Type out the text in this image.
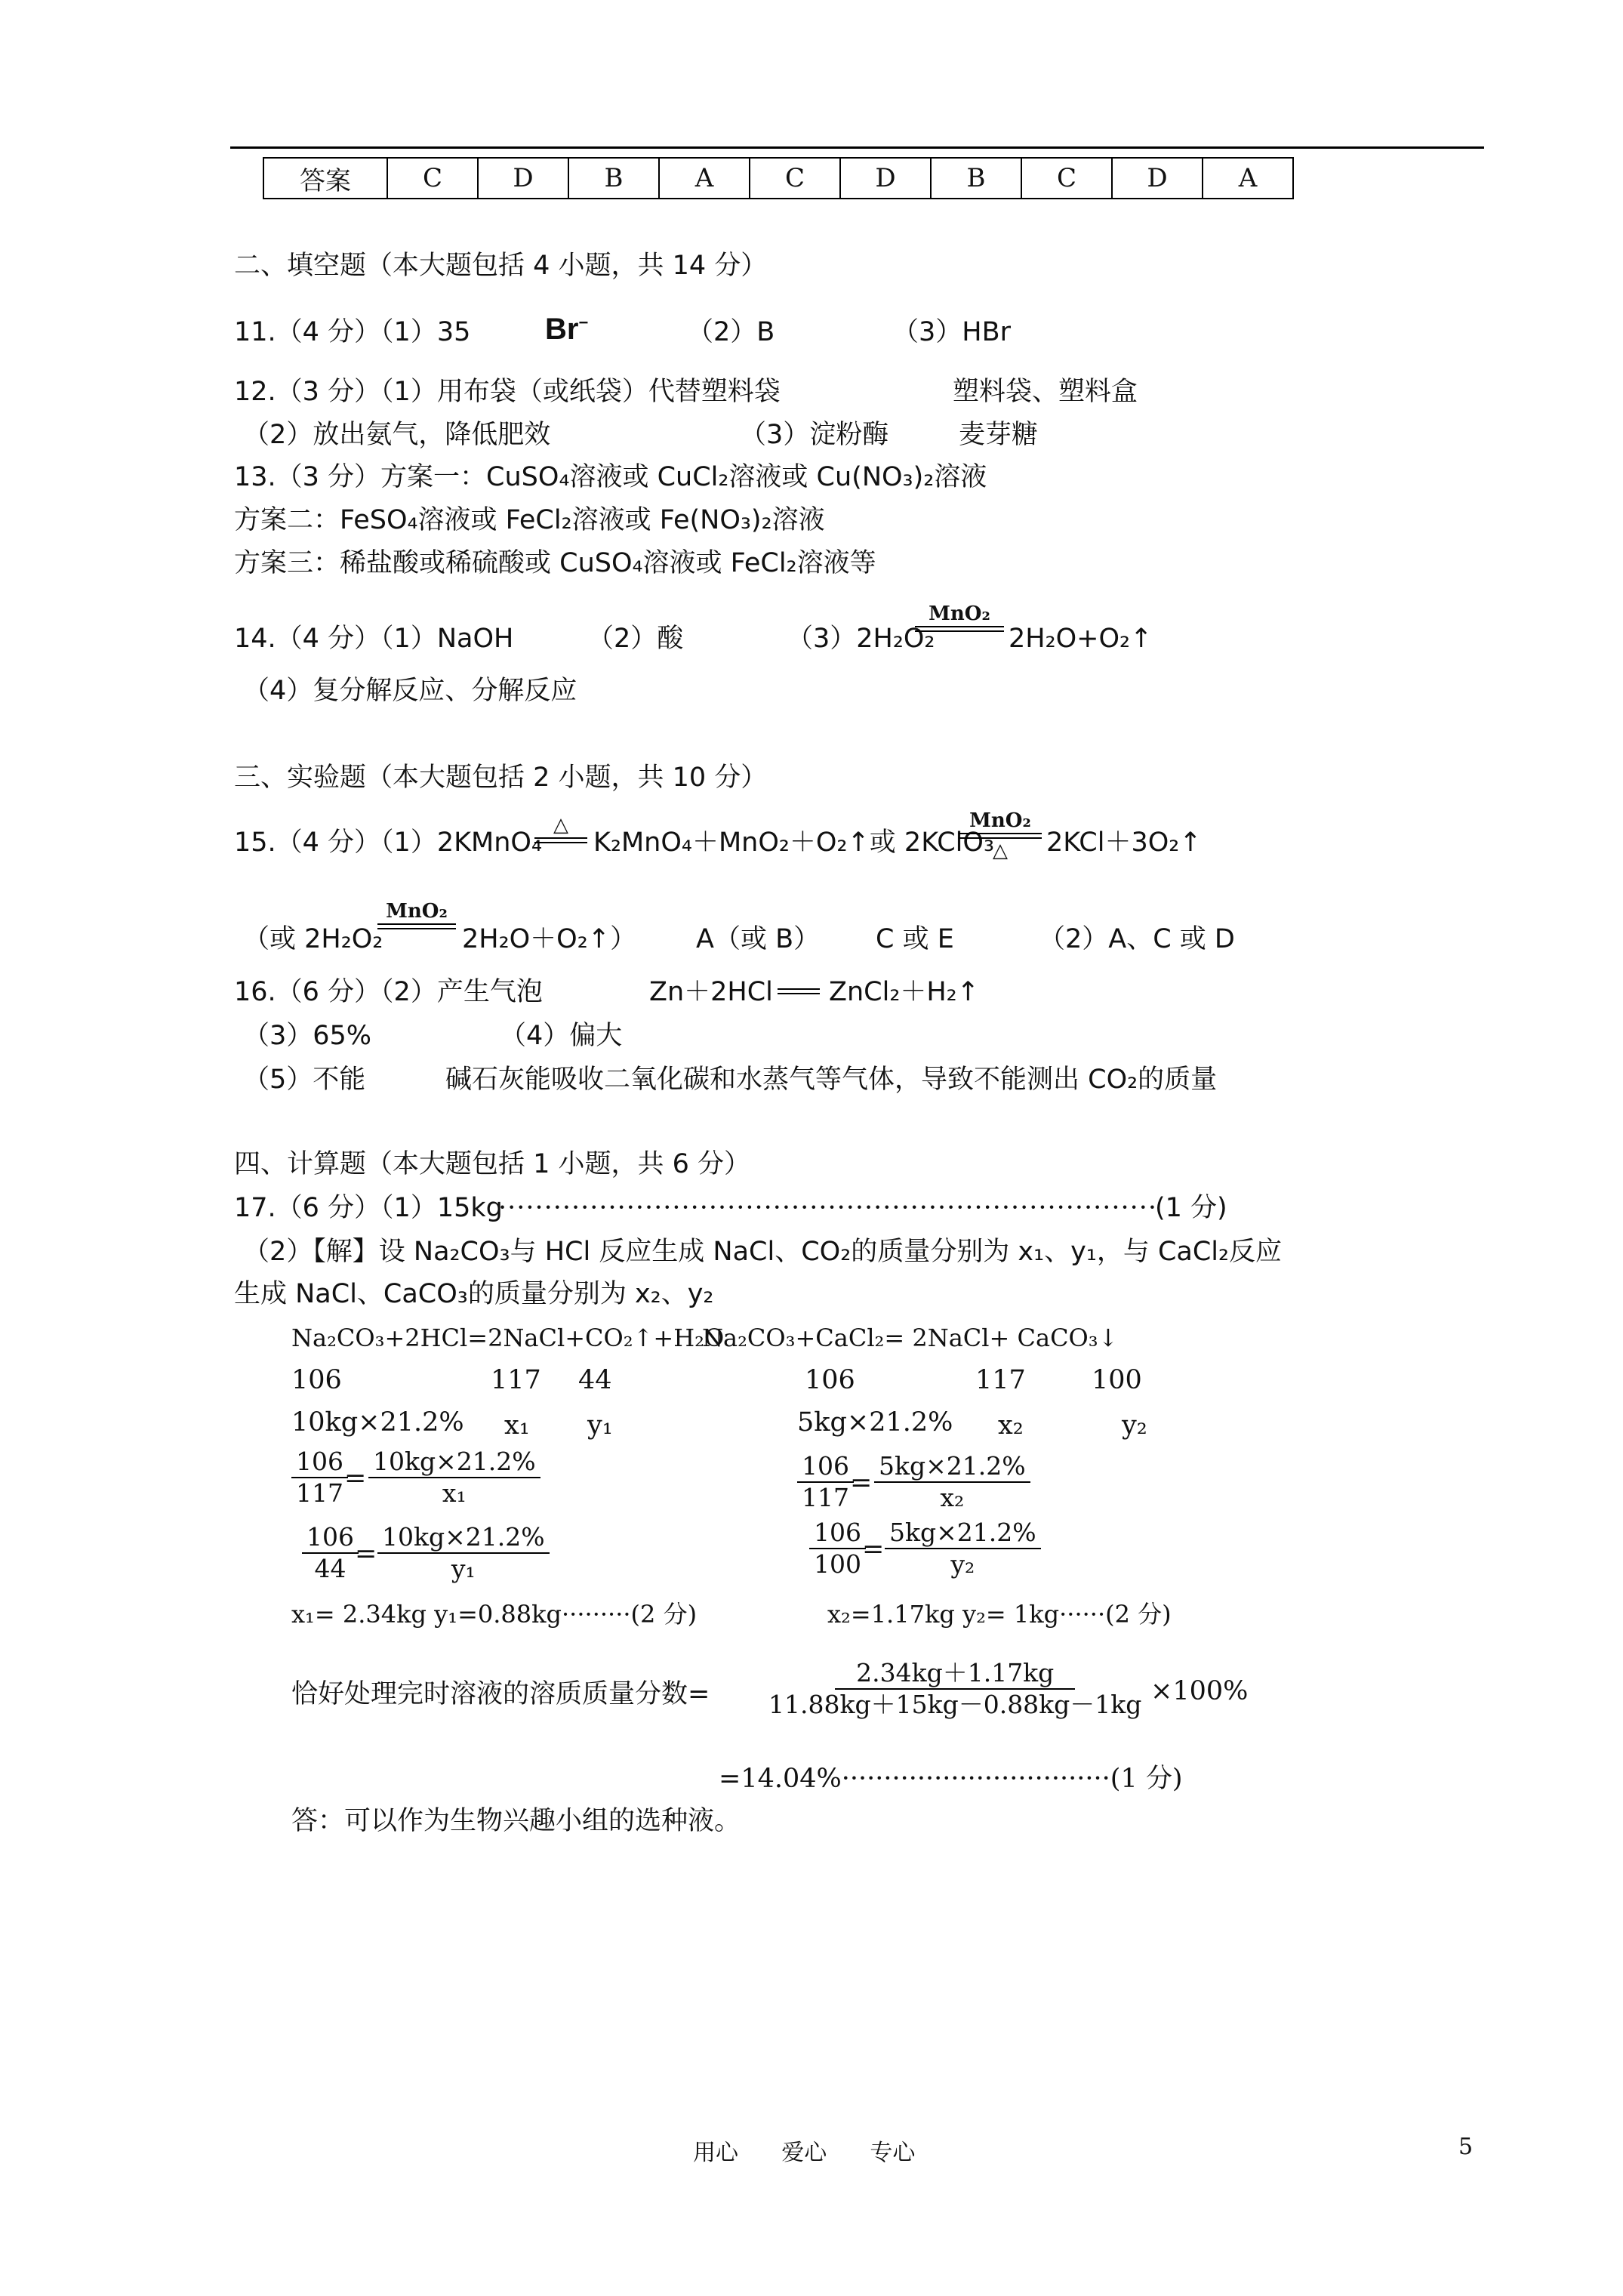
答案	C	D	B	A	C	D	B	C	D	A
二、填空题（本大题包括 4 小题，共 14 分）
11.（4 分）（1）35 Br−	（2）B	（3）HBr
12.（3 分）（1）用布袋（或纸袋）代替塑料袋	塑料袋、塑料盒
（2）放出氨气，降低肥效	（3）淀粉酶	麦芽糖
13.（3 分）方案一：CuSO₄溶液或 CuCl₂溶液或 Cu(NO₃)₂溶液
方案二：FeSO₄溶液或 FeCl₂溶液或 Fe(NO₃)₂溶液
方案三：稀盐酸或稀硫酸或 CuSO₄溶液或 FeCl₂溶液等
14.（4 分）（1）NaOH	（2）酸	（3）2H₂O₂
MnO₂
2H₂O+O₂↑
（4）复分解反应、分解反应
三、实验题（本大题包括 2 小题，共 10 分）
15.（4 分）（1）2KMnO₄
△
K₂MnO₄＋MnO₂＋O₂↑或 2KClO₃
MnO₂
△ 2KCl＋3O₂↑
（或 2H₂O₂
MnO₂
2H₂O＋O₂↑） A（或 B） C 或 E	（2）A、C 或 D
16.（6 分）（2）产生气泡	Zn＋2HCl ZnCl₂＋H₂↑
（3）65%	（4）偏大
（5）不能	碱石灰能吸收二氧化碳和水蒸气等气体，导致不能测出 CO₂的质量
四、计算题（本大题包括 1 小题，共 6 分）
17.（6 分）（1）15kg
········································································
(1 分)
（2）【解】设 Na₂CO₃与 HCl 反应生成 NaCl、CO₂的质量分别为 x₁、y₁，与 CaCl₂反应
生成 NaCl、CaCO₃的质量分别为 x₂、y₂
Na₂CO₃+2HCl=2NaCl+CO₂↑+H₂O
Na₂CO₃+CaCl₂= 2NaCl+ CaCO₃↓
106	117 44	106	117 100
10kg×21.2% x₁ y₁	5kg×21.2% x₂	y₂
$\frac{106}{117}$
= $\frac{10kg\times 21.2\%}{\text{x₁}}$	$\frac{106}{117}$
= $\frac{5kg\times 21.2\%}{\text{x₂}}$
$\frac{106}{44}$
= $\frac{10kg\times 21.2\%}{\text{y₁}}$	$\frac{106}{100}$
= $\frac{5kg\times 21.2\%}{\text{y₂}}$
x₁= 2.34kg y₁=0.88kg·········(2 分)	x₂=1.17kg y₂= 1kg······(2 分)
恰好处理完时溶液的溶质质量分数= $\frac{2.34kg+1.17kg}{11.88kg+15kg-0.88kg-1kg} \times 100\%$
=14.04%································(1 分)
答：可以作为生物兴趣小组的选种液。
用心      爱心      专心	5
